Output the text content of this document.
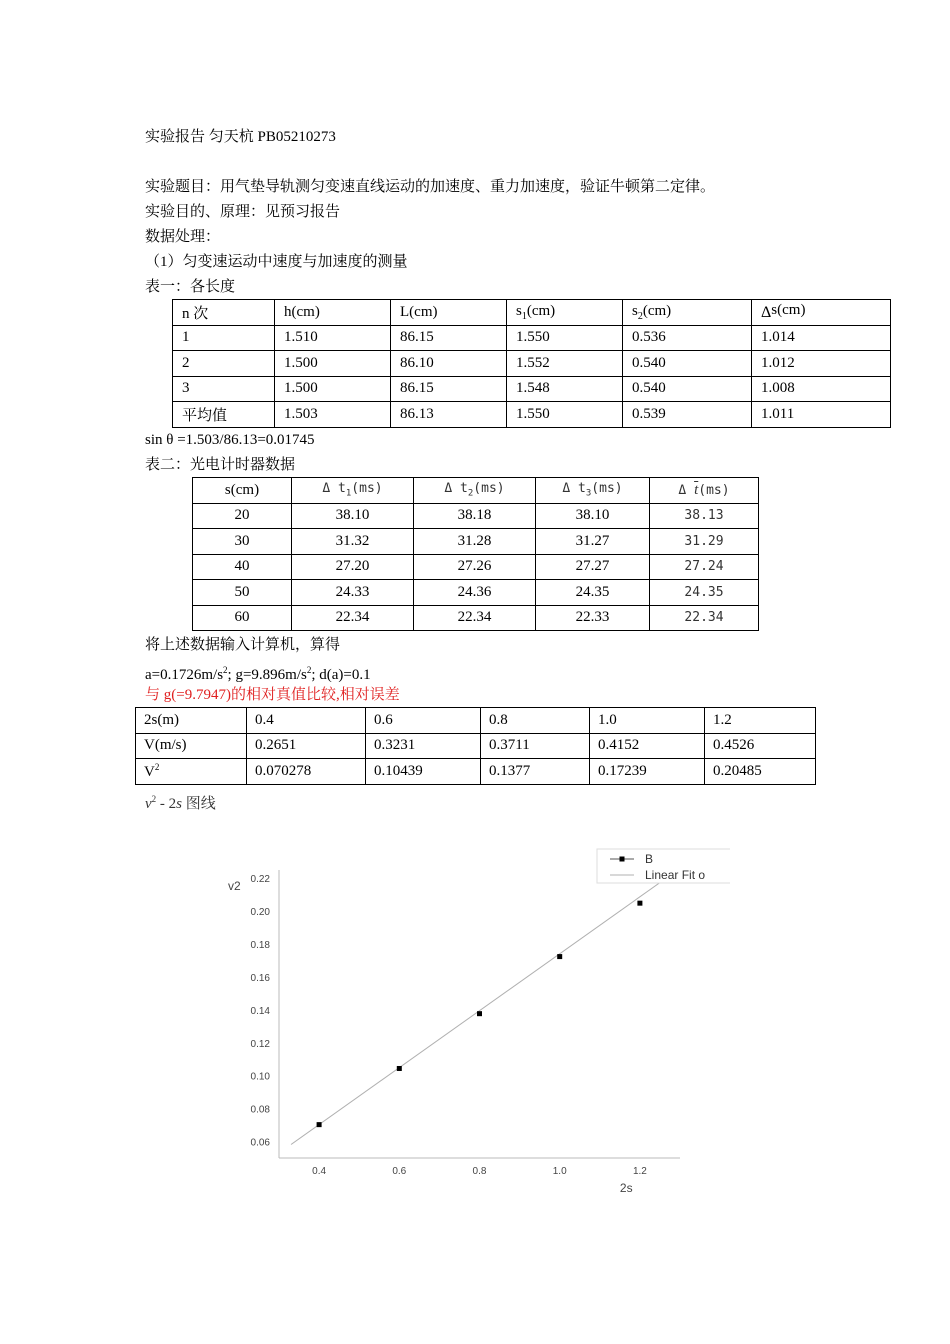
实验报告 匀天杭 PB05210273
实验题目：用气垫导轨测匀变速直线运动的加速度、重力加速度，验证牛顿第二定律。
实验目的、原理：见预习报告
数据处理：
（1）匀变速运动中速度与加速度的测量
表一：各长度
n 次	h(cm)	L(cm)	$s_1(cm)$	$s_2(cm)$	Δs(cm)
1	1.510	86.15	1.550	0.536	1.014
2	1.500	86.10	1.552	0.540	1.012
3	1.500	86.15	1.548	0.540	1.008
平均值	1.503	86.13	1.550	0.539	1.011
sin θ =1.503/86.13=0.01745
表二：光电计时器数据
s(cm)	Δ $t_1(ms)$	Δ $t_2(ms)$	Δ $t_3(ms)$	Δ $\overline{t}(ms)$
20	38.10	38.18	38.10	38.13
30	31.32	31.28	31.27	31.29
40	27.20	27.26	27.27	27.24
50	24.33	24.36	24.35	24.35
60	22.34	22.34	22.33	22.34
将上述数据输入计算机，算得
$a=0.1726m/s^2$; $g=9.896m/s^2$; d(a)=0.1
与 g(=9.7947)的相对真值比较,相对误差
2s(m)	0.4	0.6	0.8	1.0	1.2
V(m/s)	0.2651	0.3231	0.3711	0.4152	0.4526
$V^2$	0.070278	0.10439	0.1377	0.17239	0.20485
$v^2 - 2s$ 图线
0.4	0.6	0.8	1.0	1.2
0.06
0.08
0.10
0.12
0.14
0.16
0.18
0.20
0.22
2s
v2
B
Linear Fit o
